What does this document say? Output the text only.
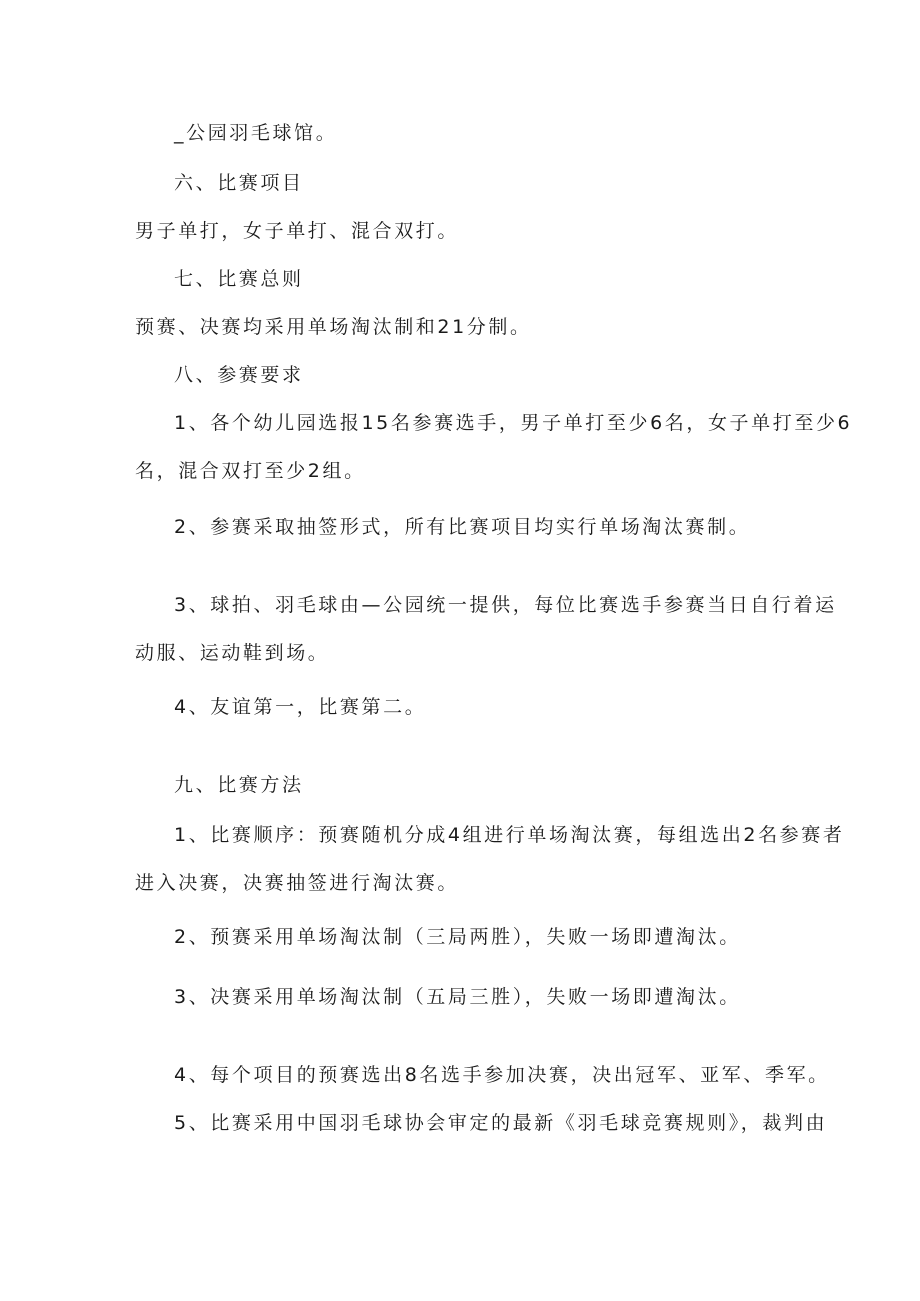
_公园羽毛球馆。
六、比赛项目
男子单打，女子单打、混合双打。
七、比赛总则
预赛、决赛均采用单场淘汰制和21分制。
八、参赛要求
1、各个幼儿园选报15名参赛选手，男子单打至少6名，女子单打至少6
名，混合双打至少2组。
2、参赛采取抽签形式，所有比赛项目均实行单场淘汰赛制。
3、球拍、羽毛球由—公园统一提供，每位比赛选手参赛当日自行着运
动服、运动鞋到场。
4、友谊第一，比赛第二。
九、比赛方法
1、比赛顺序：预赛随机分成4组进行单场淘汰赛，每组选出2名参赛者
进入决赛，决赛抽签进行淘汰赛。
2、预赛采用单场淘汰制（三局两胜），失败一场即遭淘汰。
3、决赛采用单场淘汰制（五局三胜），失败一场即遭淘汰。
4、每个项目的预赛选出8名选手参加决赛，决出冠军、亚军、季军。
5、比赛采用中国羽毛球协会审定的最新《羽毛球竞赛规则》，裁判由
